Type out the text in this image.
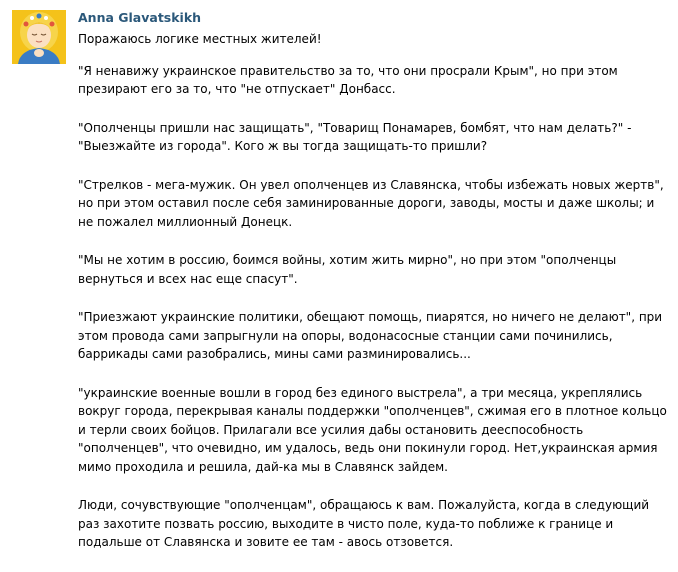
Anna Glavatskikh

Поражаюсь логике местных жителей!

"Я ненавижу украинское правительство за то, что они просрали Крым", но при этом презирают его за то, что "не отпускает" Донбасс.

"Ополченцы пришли нас защищать", "Товарищ Понамарев, бомбят, что нам делать?" - "Выезжайте из города". Кого ж вы тогда защищать-то пришли?

"Стрелков - мега-мужик. Он увел ополченцев из Славянска, чтобы избежать новых жертв", но при этом оставил после себя заминированные дороги, заводы, мосты и даже школы; и не пожалел миллионный Донецк.

"Мы не хотим в россию, боимся войны, хотим жить мирно", но при этом "ополченцы вернуться и всех нас еще спасут".

"Приезжают украинские политики, обещают помощь, пиарятся, но ничего не делают", при этом провода сами запрыгнули на опоры, водонасосные станции сами починились, баррикады сами разобрались, мины сами разминировались...

"украинские военные вошли в город без единого выстрела", а три месяца, укреплялись вокруг города, перекрывая каналы поддержки "ополченцев", сжимая его в плотное кольцо и терли своих бойцов. Прилагали все усилия дабы остановить дееспособность "ополченцев", что очевидно, им удалось, ведь они покинули город. Нет,украинская армия мимо проходила и решила, дай-ка мы в Славянск зайдем.

Люди, сочувствующие "ополченцам", обращаюсь к вам. Пожалуйста, когда в следующий раз захотите позвать россию, выходите в чисто поле, куда-то поближе к границе и подальше от Славянска и зовите ее там - авось отзовется.
